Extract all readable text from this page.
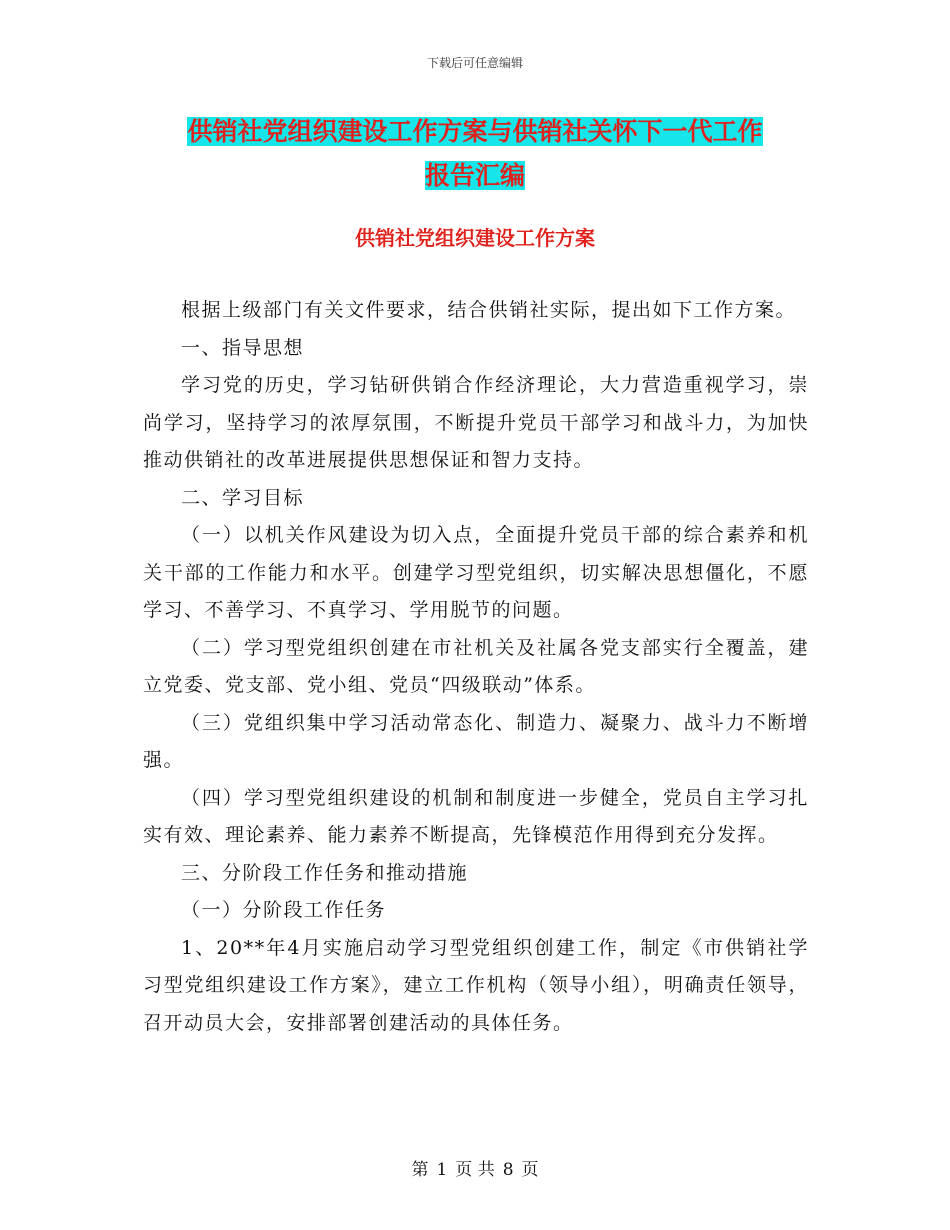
下载后可任意编辑
供销社党组织建设工作方案与供销社关怀下一代工作
报告汇编
供销社党组织建设工作方案

根据上级部门有关文件要求，结合供销社实际，提出如下工作方案。

一、指导思想

学习党的历史，学习钻研供销合作经济理论，大力营造重视学习，崇尚学习，坚持学习的浓厚氛围，不断提升党员干部学习和战斗力，为加快推动供销社的改革进展提供思想保证和智力支持。

二、学习目标

（一）以机关作风建设为切入点，全面提升党员干部的综合素养和机关干部的工作能力和水平。创建学习型党组织，切实解决思想僵化，不愿学习、不善学习、不真学习、学用脱节的问题。

（二）学习型党组织创建在市社机关及社属各党支部实行全覆盖，建立党委、党支部、党小组、党员“四级联动”体系。

（三）党组织集中学习活动常态化、制造力、凝聚力、战斗力不断增强。

（四）学习型党组织建设的机制和制度进一步健全，党员自主学习扎实有效、理论素养、能力素养不断提高，先锋模范作用得到充分发挥。

三、分阶段工作任务和推动措施

（一）分阶段工作任务

1、20**年4月实施启动学习型党组织创建工作，制定《市供销社学习型党组织建设工作方案》，建立工作机构（领导小组），明确责任领导，召开动员大会，安排部署创建活动的具体任务。

第 1 页 共 8 页
